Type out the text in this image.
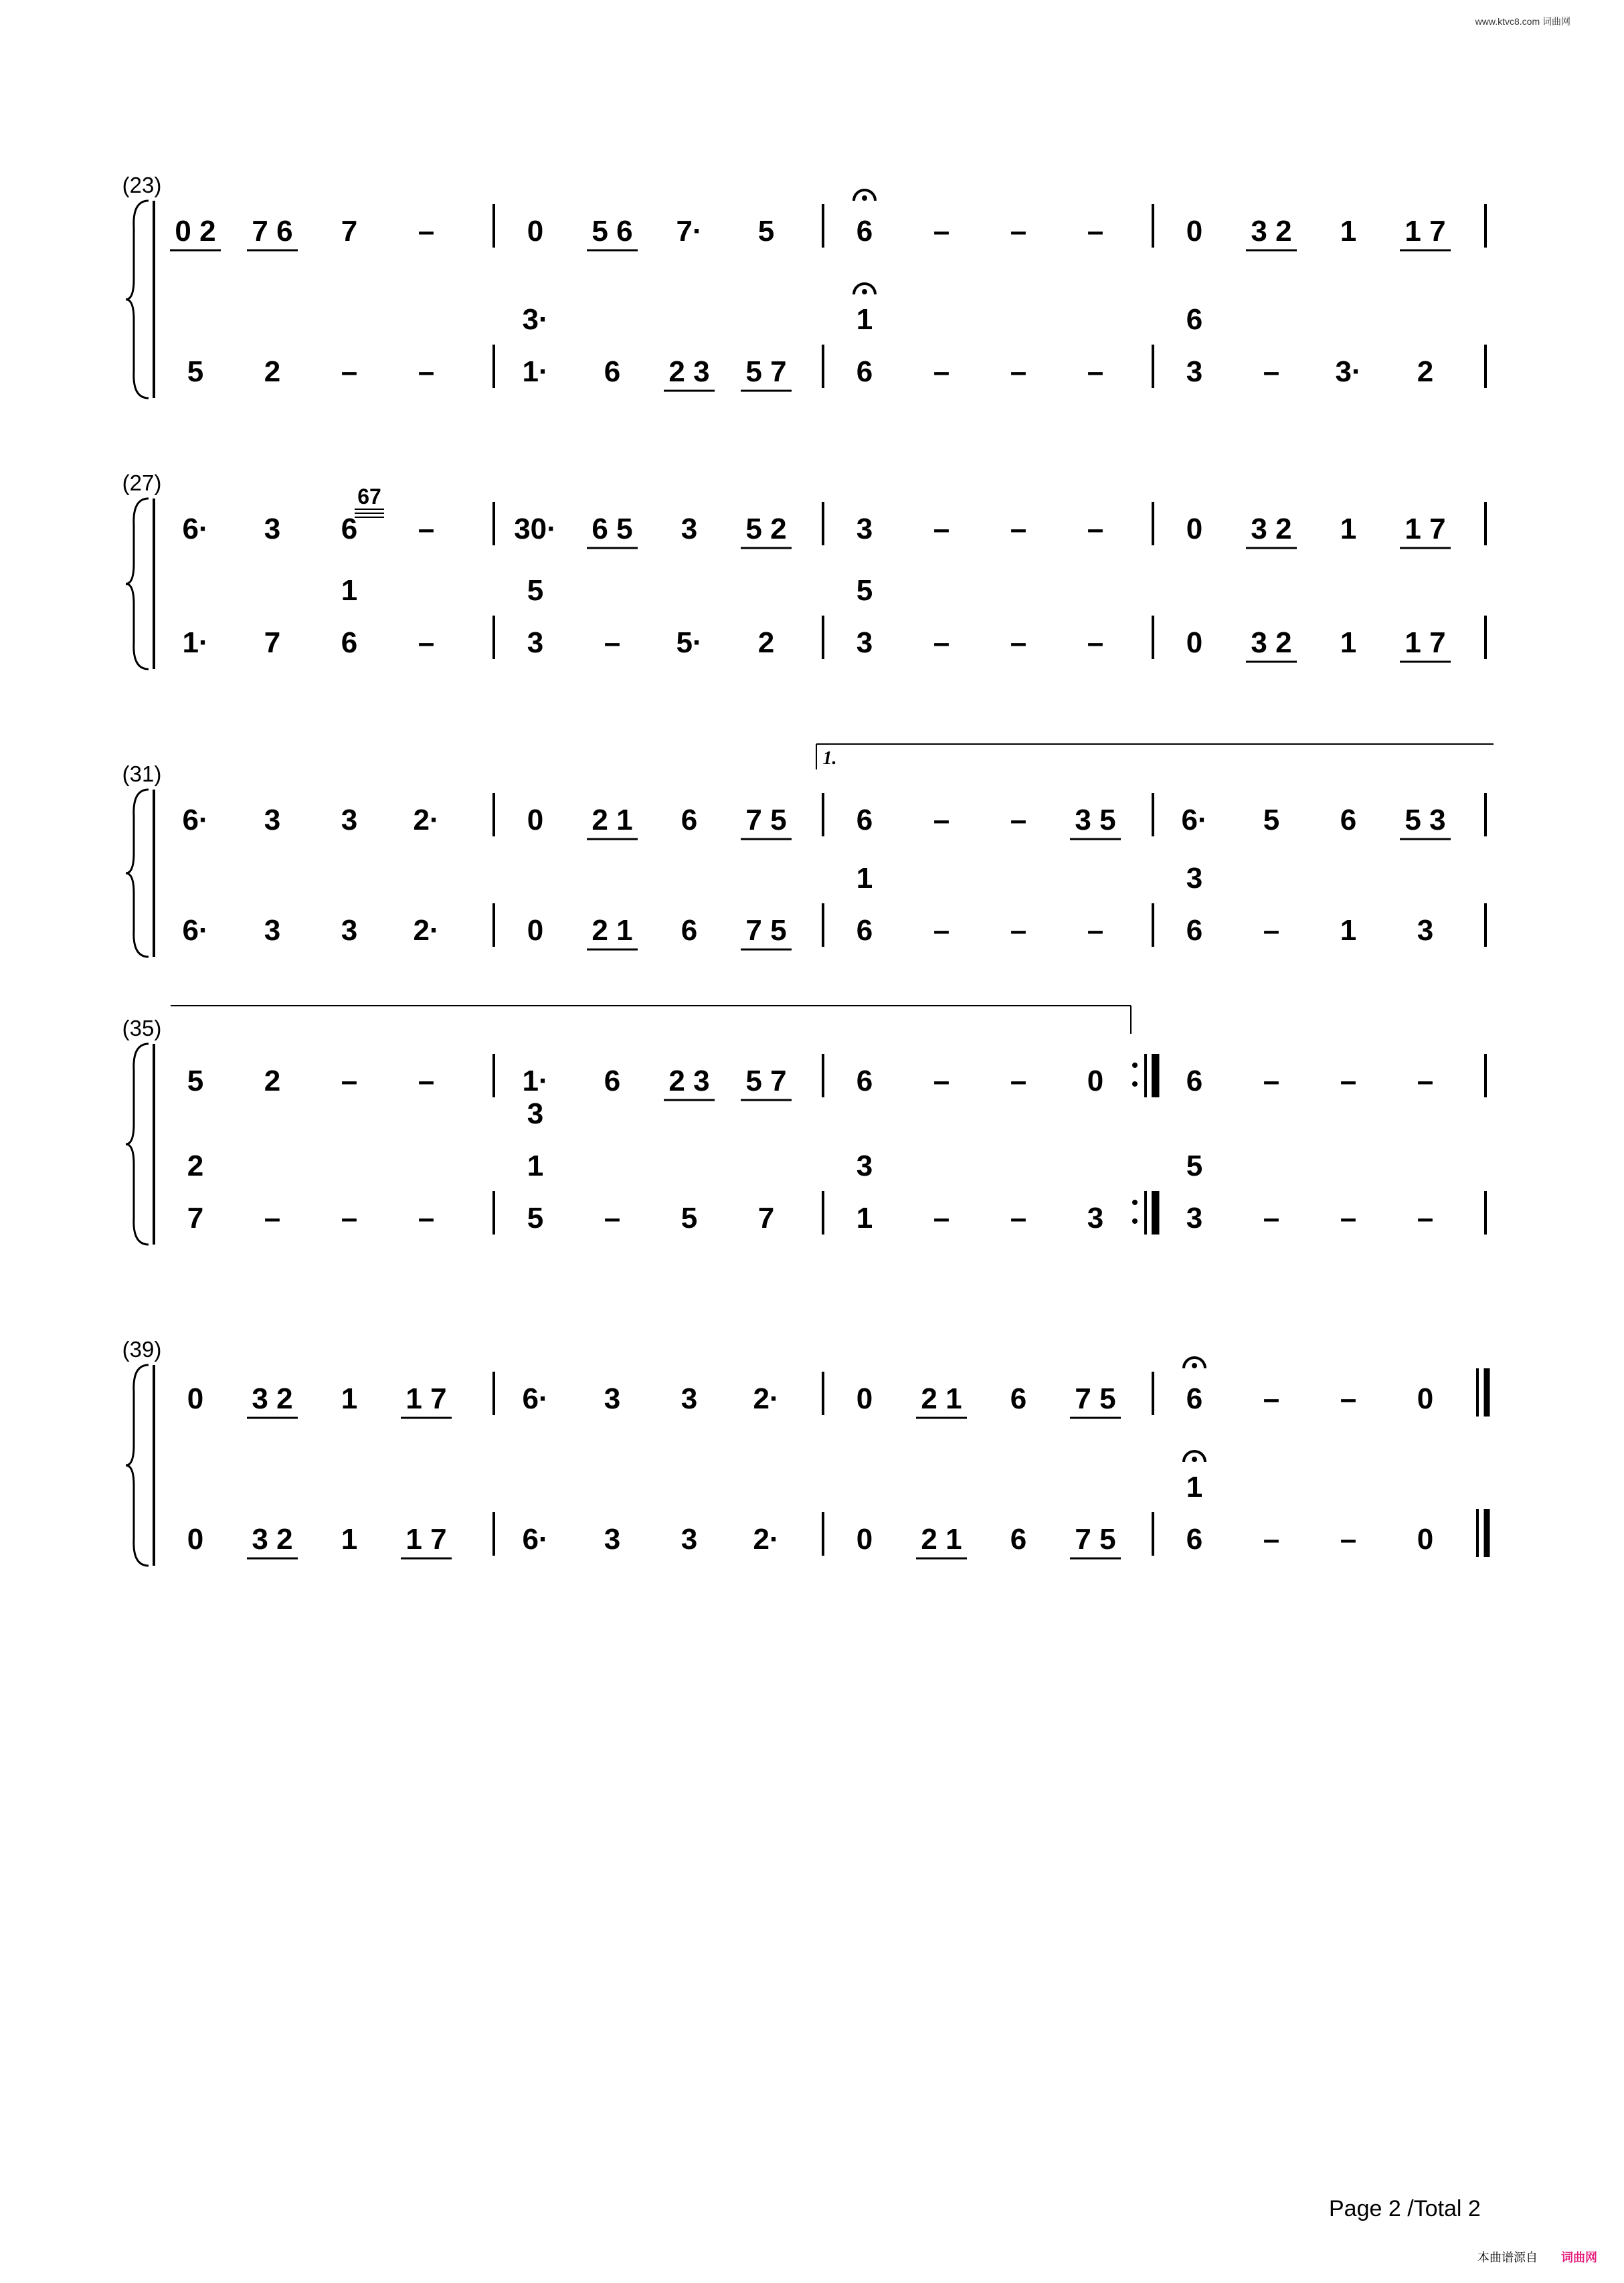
www.ktvc8.com 词曲网
(23)
0 2 7 6 7 –	0 5 6 7· 5	6 – – –	0 3 2 1 1 7
5 2 – –
3·
1· 6 2 3 5 7
1
6 – – –
6
3 – 3· 2
(27)
6· 3 6 –	30· 6 5 3 5 2 3 – – –	0 3 2 1 1 7
1· 7
1
6 –
5
3 – 5· 2
5
3 – – –	0 3 2 1 1 7
(31)
6· 3 3 2·	0 2 1 6 7 5 6 – – 3 5 6· 5 6 5 3
6· 3 3 2·	0 2 1 6 7 5
1
6 – – –
3
6 – 1 3
(35)
5 2 – –	1· 6 2 3 5 7 6 – – 0	6 – – –
2
7 – – –
3
1
5 – 5 7
3
1 – – 3
5
3 – – –
(39)
0 3 2 1 1 7	6· 3 3 2·	0 2 1 6 7 5 6 – – 0
0 3 2 1 1 7	6· 3 3 2·	0 2 1 6 7 5
1
6 – – 0
67
1.
Page 2 /Total 2
本曲谱源自 词曲网
